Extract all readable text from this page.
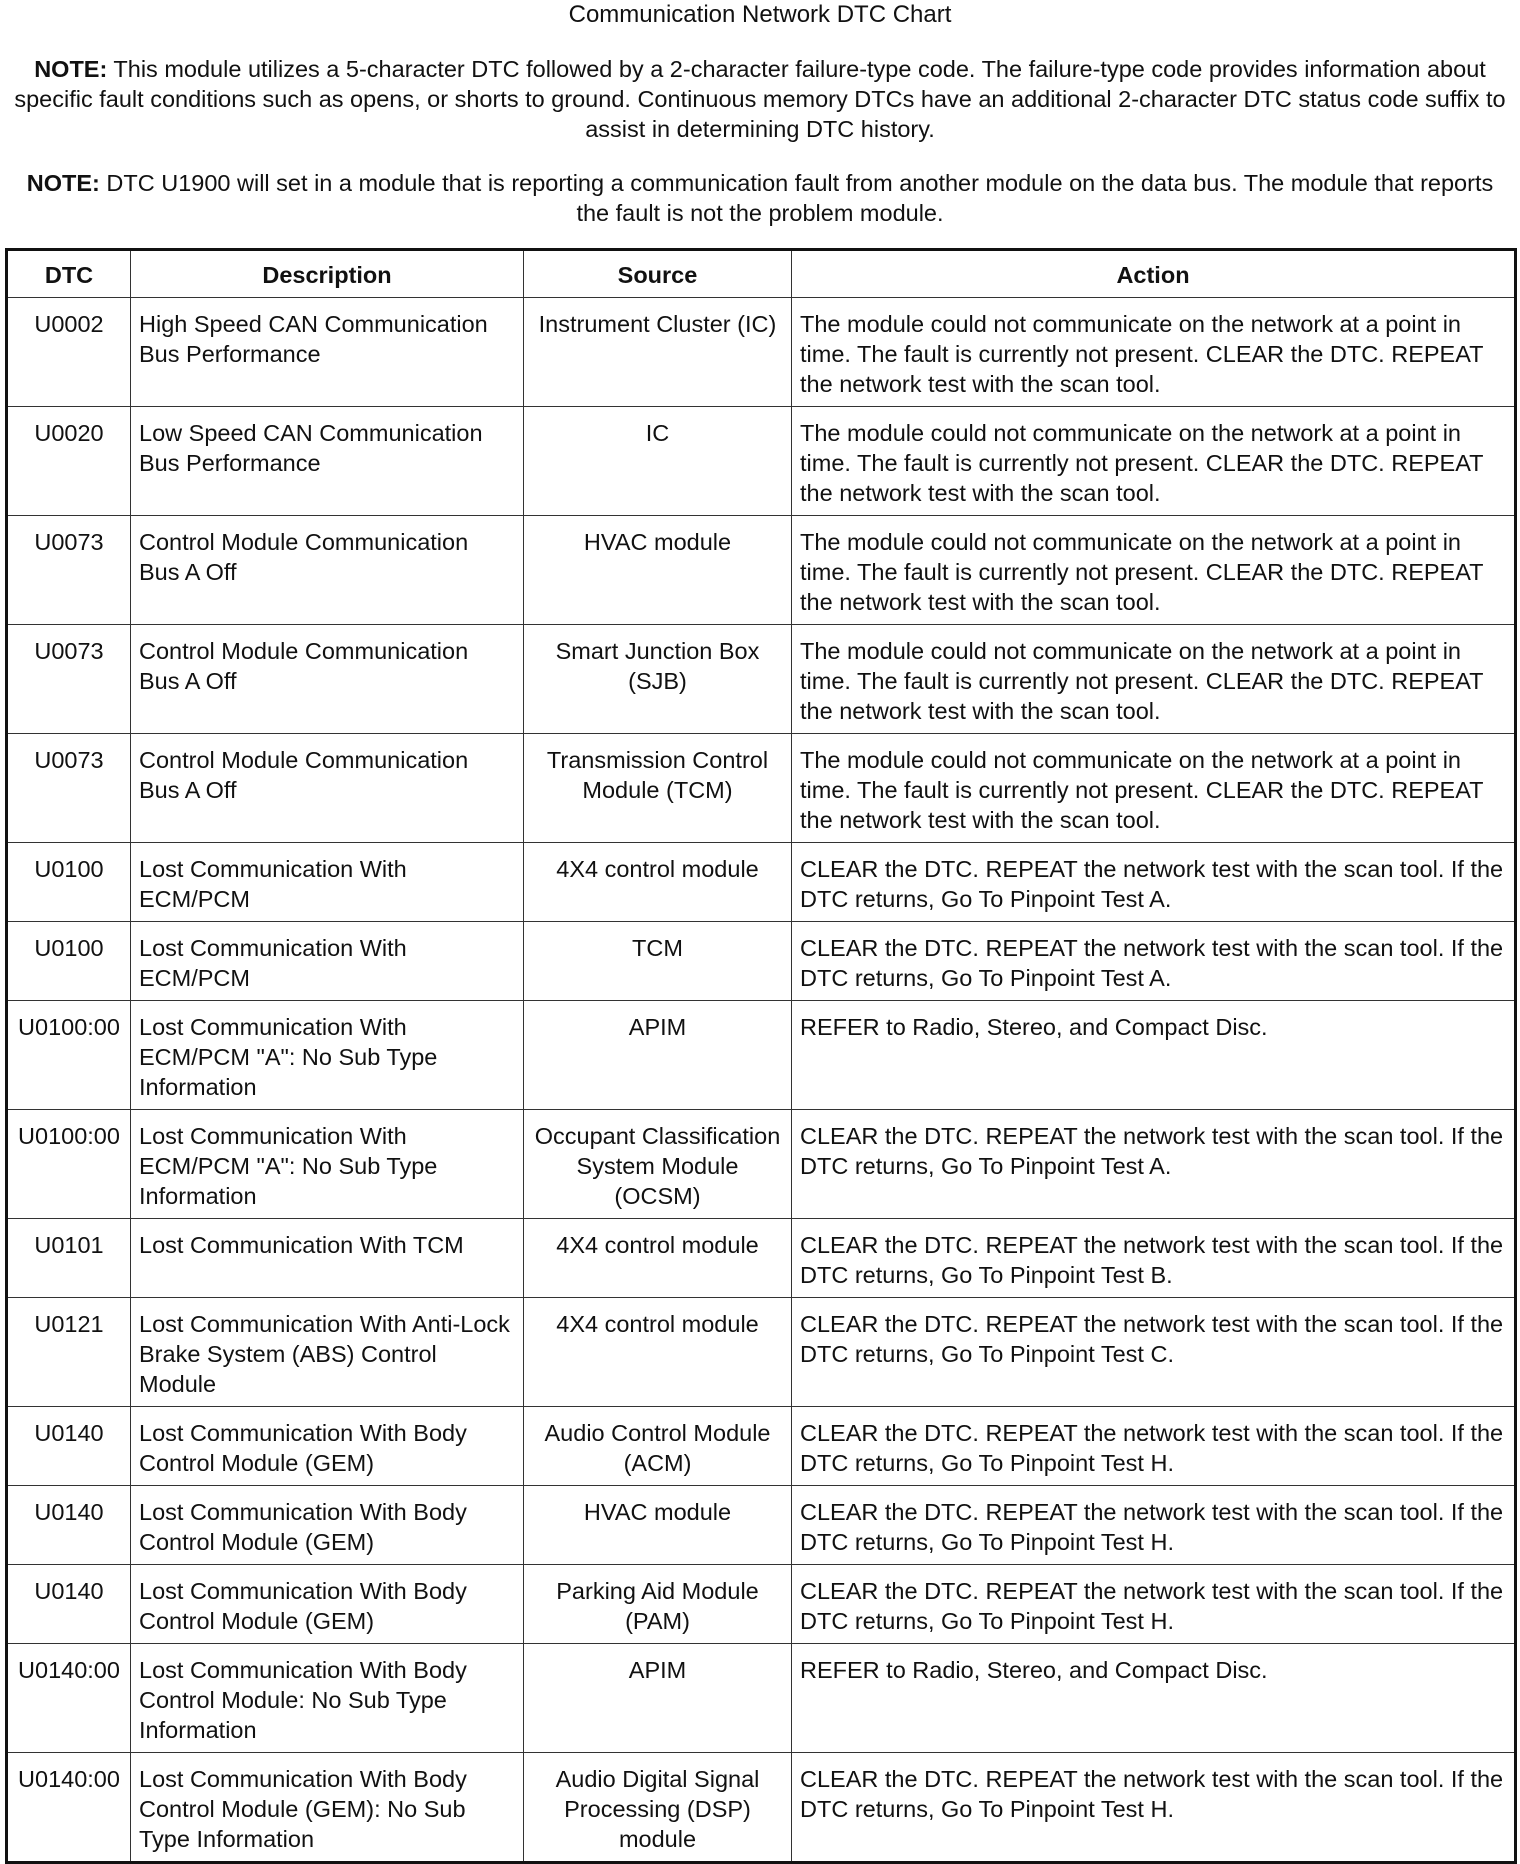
Communication Network DTC Chart

NOTE: This module utilizes a 5-character DTC followed by a 2-character failure-type code. The failure-type code provides information about specific fault conditions such as opens, or shorts to ground. Continuous memory DTCs have an additional 2-character DTC status code suffix to assist in determining DTC history.

NOTE: DTC U1900 will set in a module that is reporting a communication fault from another module on the data bus. The module that reports the fault is not the problem module.

DTC	Description	Source	Action
U0002	High Speed CAN Communication Bus Performance	Instrument Cluster (IC)	The module could not communicate on the network at a point in time. The fault is currently not present. CLEAR the DTC. REPEAT the network test with the scan tool.
U0020	Low Speed CAN Communication Bus Performance	IC	The module could not communicate on the network at a point in time. The fault is currently not present. CLEAR the DTC. REPEAT the network test with the scan tool.
U0073	Control Module Communication Bus A Off	HVAC module	The module could not communicate on the network at a point in time. The fault is currently not present. CLEAR the DTC. REPEAT the network test with the scan tool.
U0073	Control Module Communication Bus A Off	Smart Junction Box (SJB)	The module could not communicate on the network at a point in time. The fault is currently not present. CLEAR the DTC. REPEAT the network test with the scan tool.
U0073	Control Module Communication Bus A Off	Transmission Control Module (TCM)	The module could not communicate on the network at a point in time. The fault is currently not present. CLEAR the DTC. REPEAT the network test with the scan tool.
U0100	Lost Communication With ECM/PCM	4X4 control module	CLEAR the DTC. REPEAT the network test with the scan tool. If the DTC returns, Go To Pinpoint Test A.
U0100	Lost Communication With ECM/PCM	TCM	CLEAR the DTC. REPEAT the network test with the scan tool. If the DTC returns, Go To Pinpoint Test A.
U0100:00	Lost Communication With ECM/PCM "A": No Sub Type Information	APIM	REFER to Radio, Stereo, and Compact Disc.
U0100:00	Lost Communication With ECM/PCM "A": No Sub Type Information	Occupant Classification System Module (OCSM)	CLEAR the DTC. REPEAT the network test with the scan tool. If the DTC returns, Go To Pinpoint Test A.
U0101	Lost Communication With TCM	4X4 control module	CLEAR the DTC. REPEAT the network test with the scan tool. If the DTC returns, Go To Pinpoint Test B.
U0121	Lost Communication With Anti-Lock Brake System (ABS) Control Module	4X4 control module	CLEAR the DTC. REPEAT the network test with the scan tool. If the DTC returns, Go To Pinpoint Test C.
U0140	Lost Communication With Body Control Module (GEM)	Audio Control Module (ACM)	CLEAR the DTC. REPEAT the network test with the scan tool. If the DTC returns, Go To Pinpoint Test H.
U0140	Lost Communication With Body Control Module (GEM)	HVAC module	CLEAR the DTC. REPEAT the network test with the scan tool. If the DTC returns, Go To Pinpoint Test H.
U0140	Lost Communication With Body Control Module (GEM)	Parking Aid Module (PAM)	CLEAR the DTC. REPEAT the network test with the scan tool. If the DTC returns, Go To Pinpoint Test H.
U0140:00	Lost Communication With Body Control Module: No Sub Type Information	APIM	REFER to Radio, Stereo, and Compact Disc.
U0140:00	Lost Communication With Body Control Module (GEM): No Sub Type Information	Audio Digital Signal Processing (DSP) module	CLEAR the DTC. REPEAT the network test with the scan tool. If the DTC returns, Go To Pinpoint Test H.
